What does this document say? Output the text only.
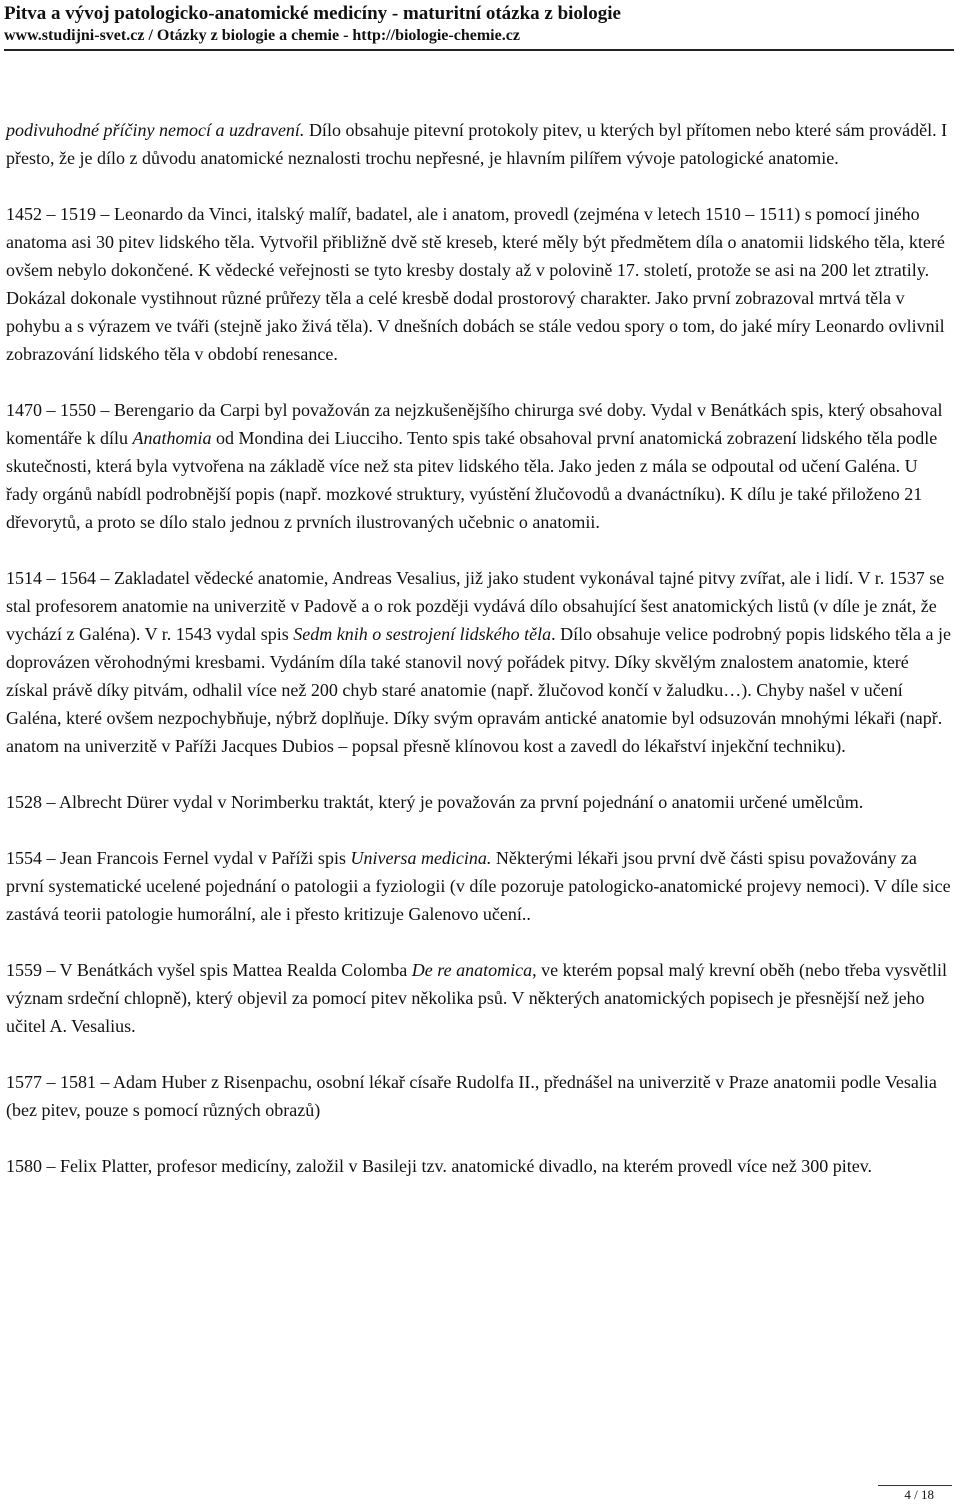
Pitva a vývoj patologicko-anatomické medicíny - maturitní otázka z biologie

www.studijni-svet.cz / Otázky z biologie a chemie - http://biologie-chemie.cz

podivuhodné příčiny nemocí a uzdravení. Dílo obsahuje pitevní protokoly pitev, u kterých byl přítomen nebo které sám prováděl. I přesto, že je dílo z důvodu anatomické neznalosti trochu nepřesné, je hlavním pilířem vývoje patologické anatomie.

1452 – 1519 – Leonardo da Vinci, italský malíř, badatel, ale i anatom, provedl (zejména v letech 1510 – 1511) s pomocí jiného anatoma asi 30 pitev lidského těla. Vytvořil přibližně dvě stě kreseb, které měly být předmětem díla o anatomii lidského těla, které ovšem nebylo dokončené. K vědecké veřejnosti se tyto kresby dostaly až v polovině 17. století, protože se asi na 200 let ztratily. Dokázal dokonale vystihnout různé průřezy těla a celé kresbě dodal prostorový charakter. Jako první zobrazoval mrtvá těla v pohybu a s výrazem ve tváři (stejně jako živá těla). V dnešních dobách se stále vedou spory o tom, do jaké míry Leonardo ovlivnil zobrazování lidského těla v období renesance.

1470 – 1550 – Berengario da Carpi byl považován za nejzkušenějšího chirurga své doby. Vydal v Benátkách spis, který obsahoval komentáře k dílu Anathomia od Mondina dei Liucciho. Tento spis také obsahoval první anatomická zobrazení lidského těla podle skutečnosti, která byla vytvořena na základě více než sta pitev lidského těla. Jako jeden z mála se odpoutal od učení Galéna. U řady orgánů nabídl podrobnější popis (např. mozkové struktury, vyústění žlučovodů a dvanáctníku). K dílu je také přiloženo 21 dřevorytů, a proto se dílo stalo jednou z prvních ilustrovaných učebnic o anatomii.

1514 – 1564 – Zakladatel vědecké anatomie, Andreas Vesalius, již jako student vykonával tajné pitvy zvířat, ale i lidí. V r. 1537 se stal profesorem anatomie na univerzitě v Padově a o rok později vydává dílo obsahující šest anatomických listů (v díle je znát, že vychází z Galéna). V r. 1543 vydal spis Sedm knih o sestrojení lidského těla. Dílo obsahuje velice podrobný popis lidského těla a je doprovázen věrohodnými kresbami. Vydáním díla také stanovil nový pořádek pitvy. Díky skvělým znalostem anatomie, které získal právě díky pitvám, odhalil více než 200 chyb staré anatomie (např. žlučovod končí v žaludku…). Chyby našel v učení Galéna, které ovšem nezpochybňuje, nýbrž doplňuje. Díky svým opravám antické anatomie byl odsuzován mnohými lékaři (např. anatom na univerzitě v Paříži Jacques Dubios – popsal přesně klínovou kost a zavedl do lékařství injekční techniku).

1528 – Albrecht Dürer vydal v Norimberku traktát, který je považován za první pojednání o anatomii určené umělcům.

1554 – Jean Francois Fernel vydal v Paříži spis Universa medicina. Některými lékaři jsou první dvě části spisu považovány za první systematické ucelené pojednání o patologii a fyziologii (v díle pozoruje patologicko-anatomické projevy nemoci). V díle sice zastává teorii patologie humorální, ale i přesto kritizuje Galenovo učení..

1559 – V Benátkách vyšel spis Mattea Realda Colomba De re anatomica, ve kterém popsal malý krevní oběh (nebo třeba vysvětlil význam srdeční chlopně), který objevil za pomocí pitev několika psů. V některých anatomických popisech je přesnější než jeho učitel A. Vesalius.

1577 – 1581 – Adam Huber z Risenpachu, osobní lékař císaře Rudolfa II., přednášel na univerzitě v Praze anatomii podle Vesalia (bez pitev, pouze s pomocí různých obrazů)

1580 – Felix Platter, profesor medicíny, založil v Basileji tzv. anatomické divadlo, na kterém provedl více než 300 pitev.

4 / 18
